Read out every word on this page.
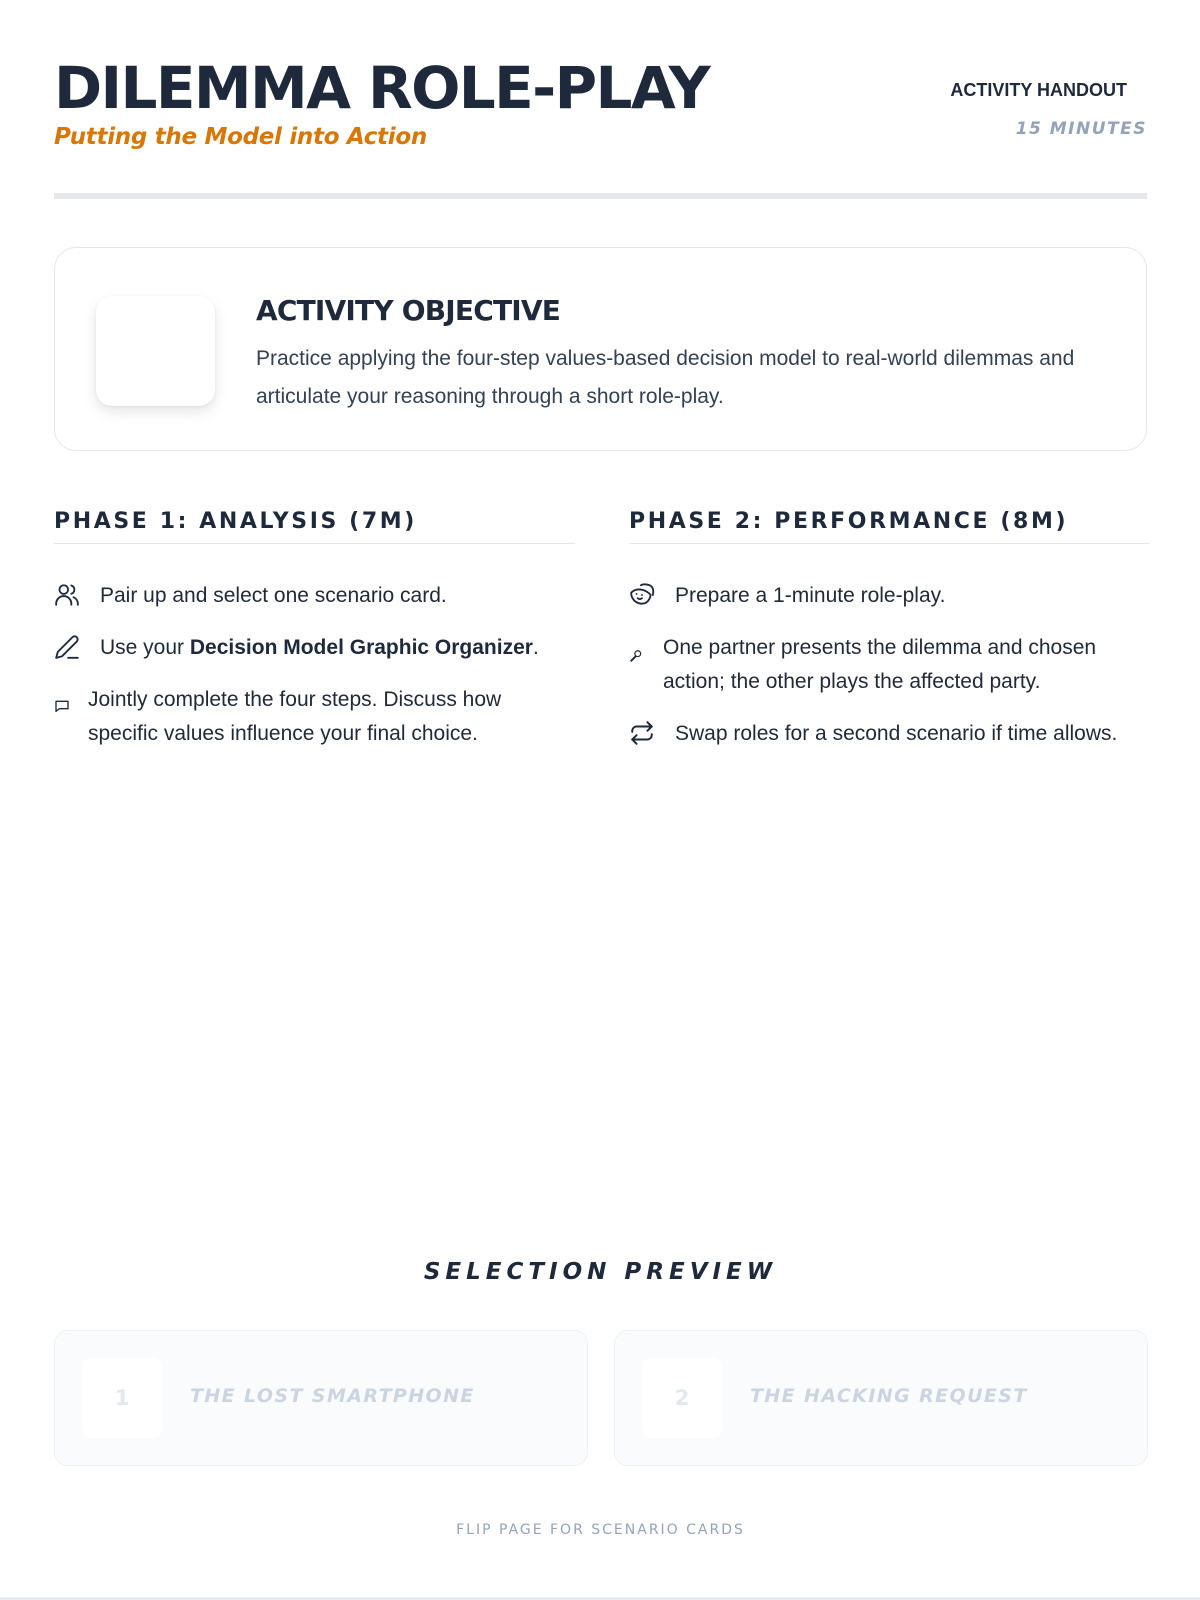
DILEMMA ROLE-PLAY
Putting the Model into Action
ACTIVITY HANDOUT
15 MINUTES
ACTIVITY OBJECTIVE

Practice applying the four-step values-based decision model to real-world dilemmas and articulate your reasoning through a short role-play.

PHASE 1: ANALYSIS (7M)
Pair up and select one scenario card.
Use your Decision Model Graphic Organizer.
Jointly complete the four steps. Discuss how specific values influence your final choice.
PHASE 2: PERFORMANCE (8M)
Prepare a 1-minute role-play.
One partner presents the dilemma and chosen action; the other plays the affected party.
Swap roles for a second scenario if time allows.
SELECTION PREVIEW
1	THE LOST SMARTPHONE	2	THE HACKING REQUEST
FLIP PAGE FOR SCENARIO CARDS
